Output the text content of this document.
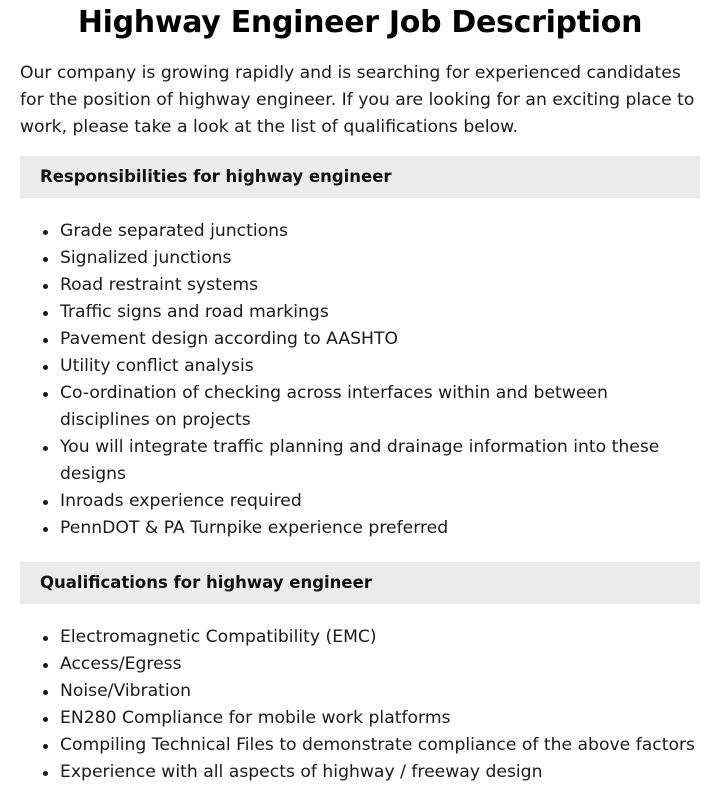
Highway Engineer Job Description

Our company is growing rapidly and is searching for experienced candidates for the position of highway engineer. If you are looking for an exciting place to work, please take a look at the list of qualifications below.

Responsibilities for highway engineer
Grade separated junctions
Signalized junctions
Road restraint systems
Traffic signs and road markings
Pavement design according to AASHTO
Utility conflict analysis
Co-ordination of checking across interfaces within and between disciplines on projects
You will integrate traffic planning and drainage information into these designs
Inroads experience required
PennDOT & PA Turnpike experience preferred
Qualifications for highway engineer
Electromagnetic Compatibility (EMC)
Access/Egress
Noise/Vibration
EN280 Compliance for mobile work platforms
Compiling Technical Files to demonstrate compliance of the above factors
Experience with all aspects of highway / freeway design
